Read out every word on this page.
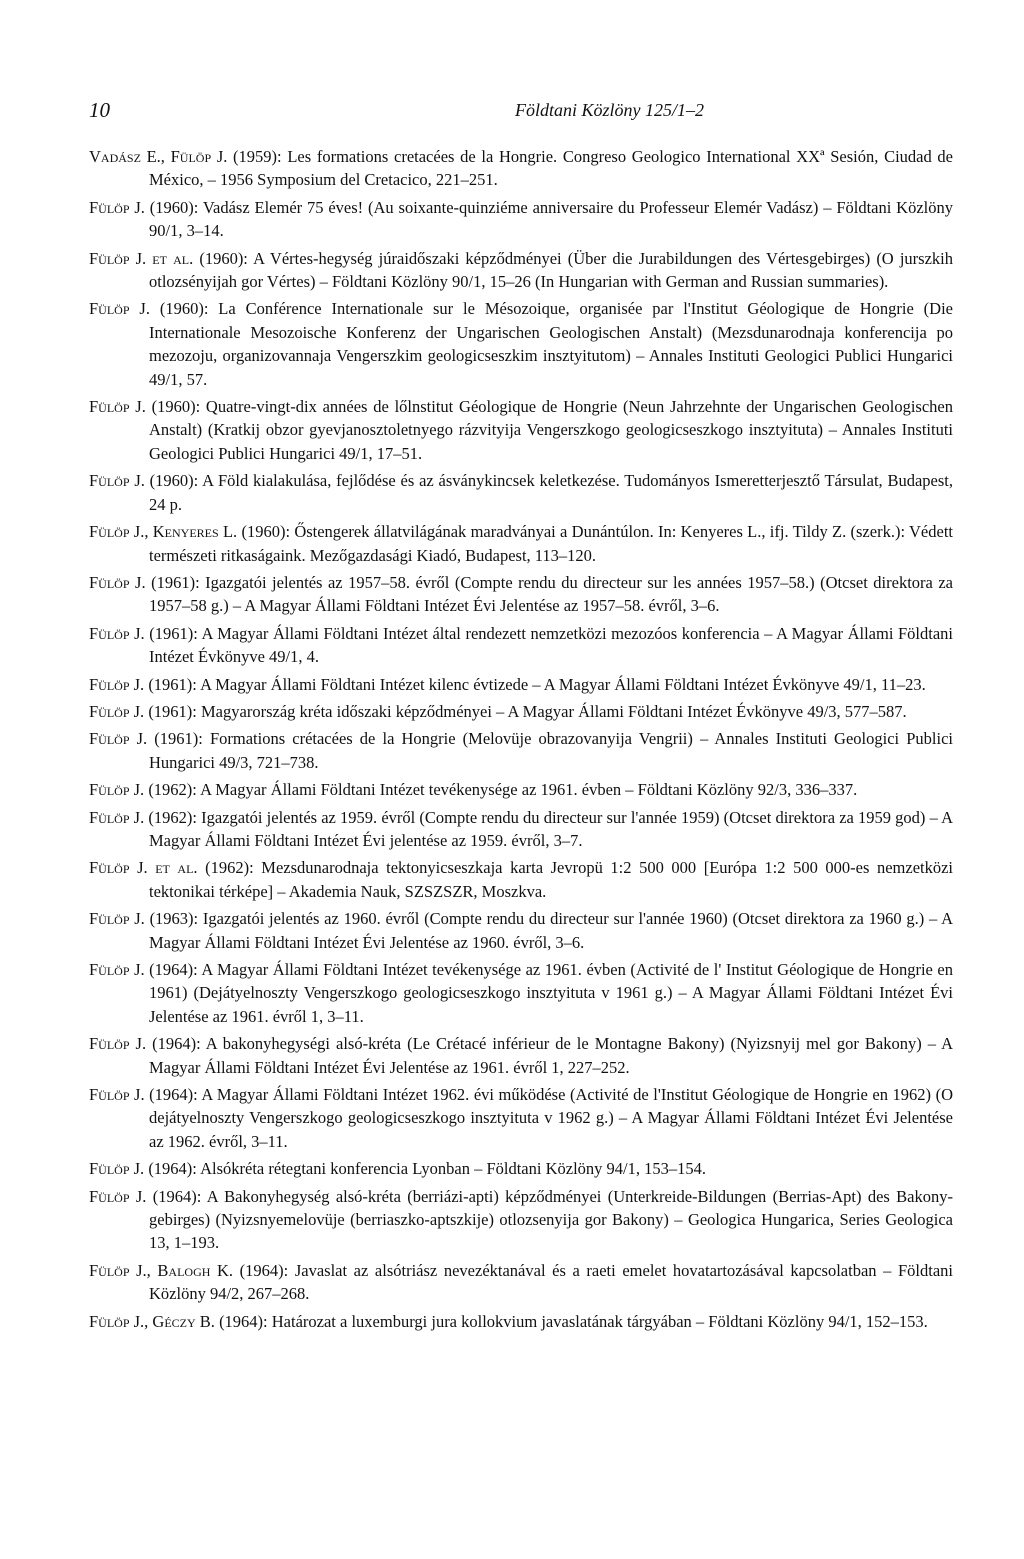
10	Földtani Közlöny 125/1–2
Vadász E., Fülöp J. (1959): Les formations cretacées de la Hongrie. Congreso Geologico International XXª Sesión, Ciudad de México, – 1956 Symposium del Cretacico, 221–251.
Fülöp J. (1960): Vadász Elemér 75 éves! (Au soixante-quinziéme anniversaire du Professeur Elemér Vadász) – Földtani Közlöny 90/1, 3–14.
Fülöp J. et al. (1960): A Vértes-hegység júraidőszaki képződményei (Über die Jurabildungen des Vértesgebirges) (O jurszkih otlozsényijah gor Vértes) – Földtani Közlöny 90/1, 15–26 (In Hungarian with German and Russian summaries).
Fülöp J. (1960): La Conférence Internationale sur le Mésozoique, organisée par l'Institut Géologique de Hongrie (Die Internationale Mesozoische Konferenz der Ungarischen Geologischen Anstalt) (Mezsdunarodnaja konferencija po mezozoju, organizovannaja Vengerszkim geologicseszkim insztyitutom) – Annales Instituti Geologici Publici Hungarici 49/1, 57.
Fülöp J. (1960): Quatre-vingt-dix années de lőlnstitut Géologique de Hongrie (Neun Jahrzehnte der Ungarischen Geologischen Anstalt) (Kratkij obzor gyevjanosztoletnyego rázvityija Vengerszkogo geologicseszkogo insztyituta) – Annales Instituti Geologici Publici Hungarici 49/1, 17–51.
Fülöp J. (1960): A Föld kialakulása, fejlődése és az ásványkincsek keletkezése. Tudományos Ismeretterjesztő Társulat, Budapest, 24 p.
Fülöp J., Kenyeres L. (1960): Ősteng​erek állatvilágának maradványai a Dunántúlon. In: Kenyeres L., ifj. Tildy Z. (szerk.): Védett természeti ritkaságaink. Mezőgazdasági Kiadó, Budapest, 113–120.
Fülöp J. (1961): Igazgatói jelentés az 1957–58. évről (Compte rendu du directeur sur les années 1957–58.) (Otcset direktora za 1957–58 g.) – A Magyar Állami Földtani Intézet Évi Jelentése az 1957–58. évről, 3–6.
Fülöp J. (1961): A Magyar Állami Földtani Intézet által rendezett nemzetközi mezozóos konferencia – A Magyar Állami Földtani Intézet Évkönyve 49/1, 4.
Fülöp J. (1961): A Magyar Állami Földtani Intézet kilenc évtizede – A Magyar Állami Földtani Intézet Évkönyve 49/1, 11–23.
Fülöp J. (1961): Magyarország kréta időszaki képződményei – A Magyar Állami Földtani Intézet Évkönyve 49/3, 577–587.
Fülöp J. (1961): Formations crétacées de la Hongrie (Melovüje obrazovanyija Vengrii) – Annales Instituti Geologici Publici Hungarici 49/3, 721–738.
Fülöp J. (1962): A Magyar Állami Földtani Intézet tevékenysége az 1961. évben – Földtani Közlöny 92/3, 336–337.
Fülöp J. (1962): Igazgatói jelentés az 1959. évről (Compte rendu du directeur sur l'année 1959) (Otcset direktora za 1959 god) – A Magyar Állami Földtani Intézet Évi jelentése az 1959. évről, 3–7.
Fülöp J. et al. (1962): Mezsdunarodnaja tektonyicseszkaja karta Jevropü 1:2 500 000 [Európa 1:2 500 000-es nemzetközi tektonikai térképe] – Akademia Nauk, SZSZSZR, Moszkva.
Fülöp J. (1963): Igazgatói jelentés az 1960. évről (Compte rendu du directeur sur l'année 1960) (Otcset direktora za 1960 g.) – A Magyar Állami Földtani Intézet Évi Jelentése az 1960. évről, 3–6.
Fülöp J. (1964): A Magyar Állami Földtani Intézet tevékenysége az 1961. évben (Activité de l' Institut Géologique de Hongrie en 1961) (Dejátyelnoszty Vengerszkogo geologicseszkogo insztyituta v 1961 g.) – A Magyar Állami Földtani Intézet Évi Jelentése az 1961. évről 1, 3–11.
Fülöp J. (1964): A bakonyhegységi alsó-kréta (Le Crétacé inférieur de le Montagne Bakony) (Nyizsnyij mel gor Bakony) – A Magyar Állami Földtani Intézet Évi Jelentése az 1961. évről 1, 227–252.
Fülöp J. (1964): A Magyar Állami Földtani Intézet 1962. évi működése (Activité de l'Institut Géologique de Hongrie en 1962) (O dejátyelnoszty Vengerszkogo geologicseszkogo insztyituta v 1962 g.) – A Magyar Állami Földtani Intézet Évi Jelentése az 1962. évről, 3–11.
Fülöp J. (1964): Alsókréta rétegtani konferencia Lyonban – Földtani Közlöny 94/1, 153–154.
Fülöp J. (1964): A Bakonyhegység alsó-kréta (berriázi-apti) képződményei (Unterkreide-Bildungen (Berrias-Apt) des Bakony-gebirges) (Nyizsnyemelovüje (berriaszko-aptszkije) otlozsenyija gor Bakony) – Geologica Hungarica, Series Geologica 13, 1–193.
Fülöp J., Balogh K. (1964): Javaslat az alsótriász nevezéktanával és a raeti emelet hovatartozásával kapcsolatban – Földtani Közlöny 94/2, 267–268.
Fülöp J., Géczy B. (1964): Határozat a luxemburgi jura kollokvium javaslatának tárgyában – Földtani Közlöny 94/1, 152–153.
